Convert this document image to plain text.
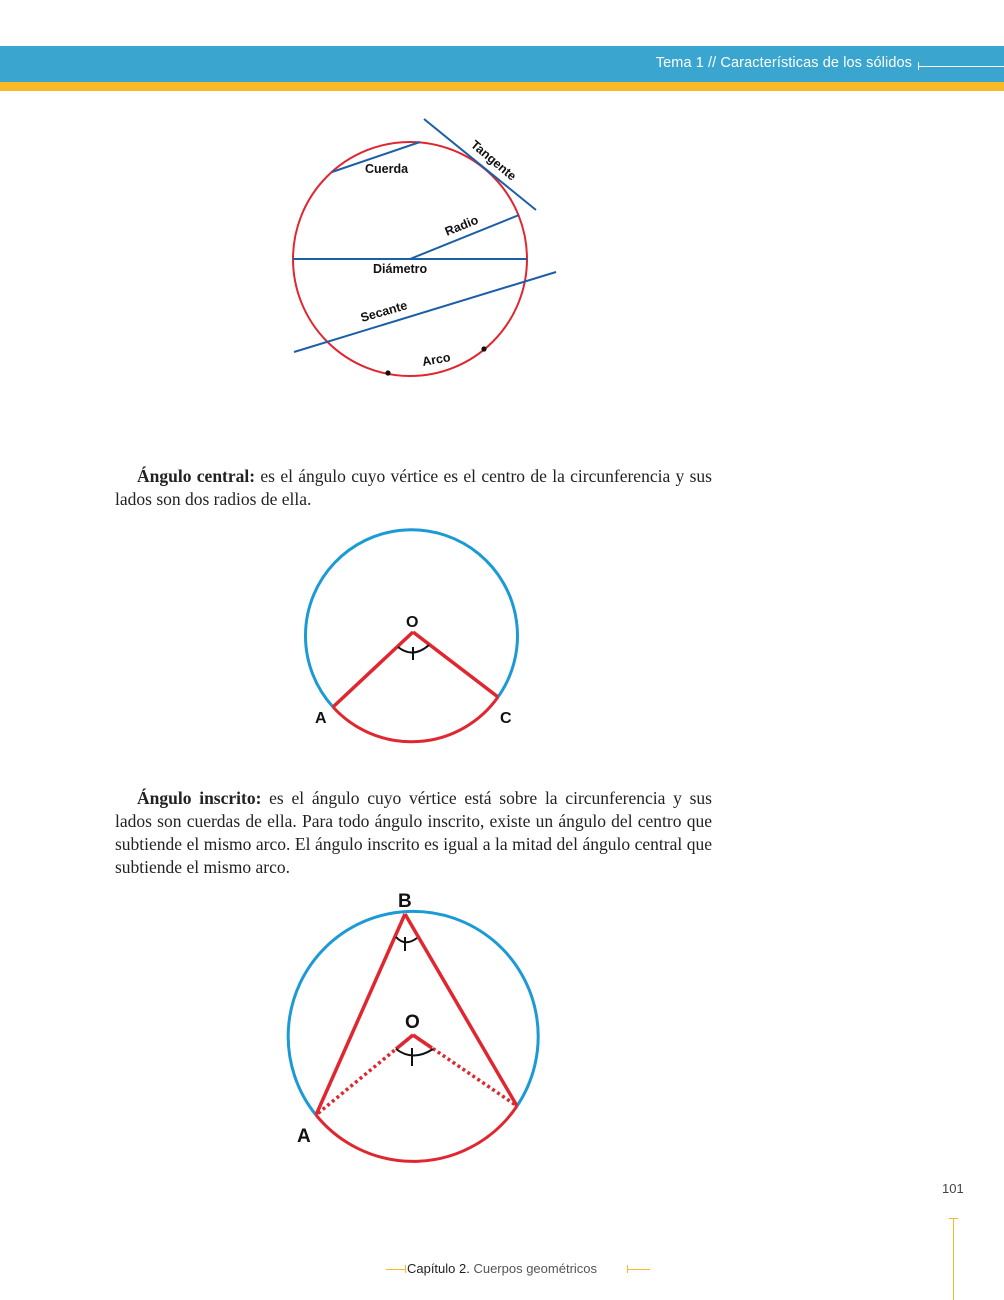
Tema 1 // Características de los sólidos
Cuerda	Tangente
Radio
Diámetro
Secante
Arco

Ángulo central: es el ángulo cuyo vértice es el centro de la circunferencia y sus lados son dos radios de ella.

O
A	C

Ángulo inscrito: es el ángulo cuyo vértice está sobre la circunferencia y sus lados son cuerdas de ella. Para todo ángulo inscrito, existe un ángulo del centro que subtiende el mismo arco. El ángulo inscrito es igual a la mitad del ángulo central que subtiende el mismo arco.

B
O
A
101
Capítulo 2. Cuerpos geométricos
